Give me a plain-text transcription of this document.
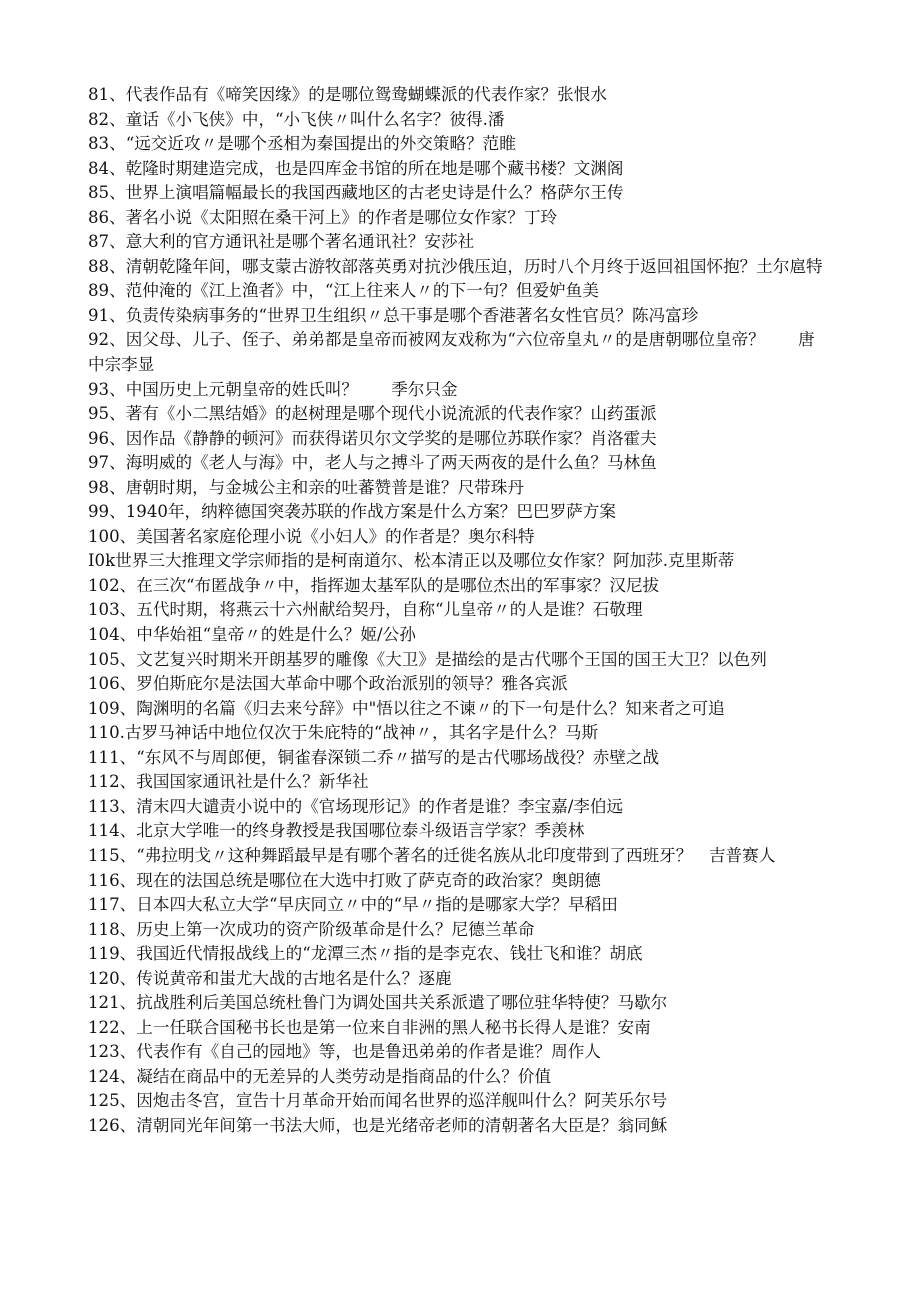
81、代表作品有《啼笑因缘》的是哪位鸳鸯蝴蝶派的代表作家？张恨水
82、童话《小飞侠》中，“小飞侠〃叫什么名字？彼得.潘
83、“远交近攻〃是哪个丞相为秦国提出的外交策略？范睢
84、乾隆时期建造完成，也是四库金书馆的所在地是哪个藏书楼？文渊阁
85、世界上演唱篇幅最长的我国西藏地区的古老史诗是什么？格萨尔王传
86、著名小说《太阳照在桑干河上》的作者是哪位女作家？丁玲
87、意大利的官方通讯社是哪个著名通讯社？安莎社
88、清朝乾隆年间，哪支蒙古游牧部落英勇对抗沙俄压迫，历时八个月终于返回祖国怀抱？土尔扈特
89、范仲淹的《江上渔者》中，“江上往来人〃的下一句？但爱妒鱼美
91、负责传染病事务的“世界卫生组织〃总干事是哪个香港著名女性官员？陈冯富珍
92、因父母、儿子、侄子、弟弟都是皇帝而被网友戏称为“六位帝皇丸〃的是唐朝哪位皇帝？　　唐中宗李显
93、中国历史上元朝皇帝的姓氏叫？　　季尔只金
95、著有《小二黑结婚》的赵树理是哪个现代小说流派的代表作家？山药蛋派
96、因作品《静静的顿河》而获得诺贝尔文学奖的是哪位苏联作家？肖洛霍夫
97、海明威的《老人与海》中，老人与之搏斗了两天两夜的是什么鱼？马林鱼
98、唐朝时期，与金城公主和亲的吐蕃赞普是谁？尺带珠丹
99、1940年，纳粹德国突袭苏联的作战方案是什么方案？巴巴罗萨方案
100、美国著名家庭伦理小说《小妇人》的作者是？奥尔科特
I0k世界三大推理文学宗师指的是柯南道尔、松本清正以及哪位女作家？阿加莎.克里斯蒂
102、在三次“布匿战争〃中，指挥迦太基军队的是哪位杰出的军事家？汉尼拔
103、五代时期，将燕云十六州献给契丹，自称“儿皇帝〃的人是谁？石敬理
104、中华始祖“皇帝〃的姓是什么？姬/公孙
105、文艺复兴时期米开朗基罗的雕像《大卫》是描绘的是古代哪个王国的国王大卫？以色列
106、罗伯斯庇尔是法国大革命中哪个政治派别的领导？雅各宾派
109、陶渊明的名篇《归去来兮辞》中"悟以往之不谏〃的下一句是什么？知来者之可追
110.古罗马神话中地位仅次于朱庇特的“战神〃，其名字是什么？马斯
111、“东风不与周郎便，铜雀春深锁二乔〃描写的是古代哪场战役？赤壁之战
112、我国国家通讯社是什么？新华社
113、清末四大谴责小说中的《官场现形记》的作者是谁？李宝嘉/李伯远
114、北京大学唯一的终身教授是我国哪位泰斗级语言学家？季羡林
115、“弗拉明戈〃这种舞蹈最早是有哪个著名的迁徙名族从北印度带到了西班牙？　吉普赛人
116、现在的法国总统是哪位在大选中打败了萨克奇的政治家？奥朗德
117、日本四大私立大学“早庆同立〃中的“早〃指的是哪家大学？早稻田
118、历史上第一次成功的资产阶级革命是什么？尼德兰革命
119、我国近代情报战线上的“龙潭三杰〃指的是李克农、钱壮飞和谁？胡底
120、传说黄帝和蚩尤大战的古地名是什么？逐鹿
121、抗战胜利后美国总统杜鲁门为调处国共关系派遣了哪位驻华特使？马歇尔
122、上一任联合国秘书长也是第一位来自非洲的黑人秘书长得人是谁？安南
123、代表作有《自己的园地》等，也是鲁迅弟弟的作者是谁？周作人
124、凝结在商品中的无差异的人类劳动是指商品的什么？价值
125、因炮击冬宫，宣告十月革命开始而闻名世界的巡洋舰叫什么？阿芙乐尔号
126、清朝同光年间第一书法大师，也是光绪帝老师的清朝著名大臣是？翁同稣
